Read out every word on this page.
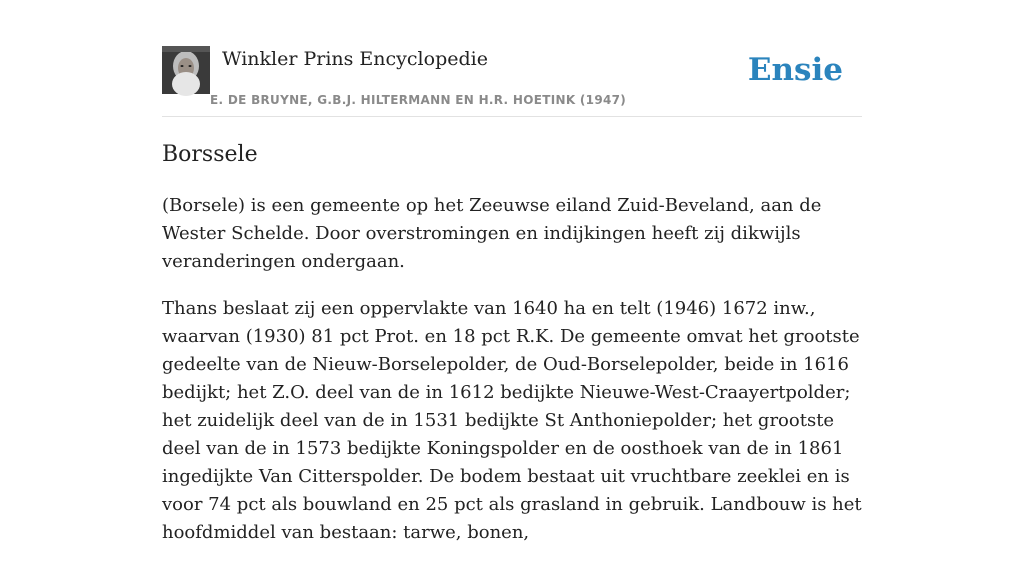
Winkler Prins Encyclopedie
E. DE BRUYNE, G.B.J. HILTERMANN EN H.R. HOETINK (1947)
Ensie
Borssele

(Borsele) is een gemeente op het Zeeuwse eiland Zuid-Beveland, aan de Wester Schelde. Door overstromingen en indijkingen heeft zij dikwijls veranderingen ondergaan.

Thans beslaat zij een oppervlakte van 1640 ha en telt (1946) 1672 inw., waarvan (1930) 81 pct Prot. en 18 pct R.K. De gemeente omvat het grootste gedeelte van de Nieuw-Borselepolder, de Oud-Borselepolder, beide in 1616 bedijkt; het Z.O. deel van de in 1612 bedijkte Nieuwe-West-Craayertpolder; het zuidelijk deel van de in 1531 bedijkte St Anthoniepolder; het grootste deel van de in 1573 bedijkte Koningspolder en de oosthoek van de in 1861 ingedijkte Van Citterspolder. De bodem bestaat uit vruchtbare zeeklei en is voor 74 pct als bouwland en 25 pct als grasland in gebruik. Landbouw is het hoofdmiddel van bestaan: tarwe, bonen,
